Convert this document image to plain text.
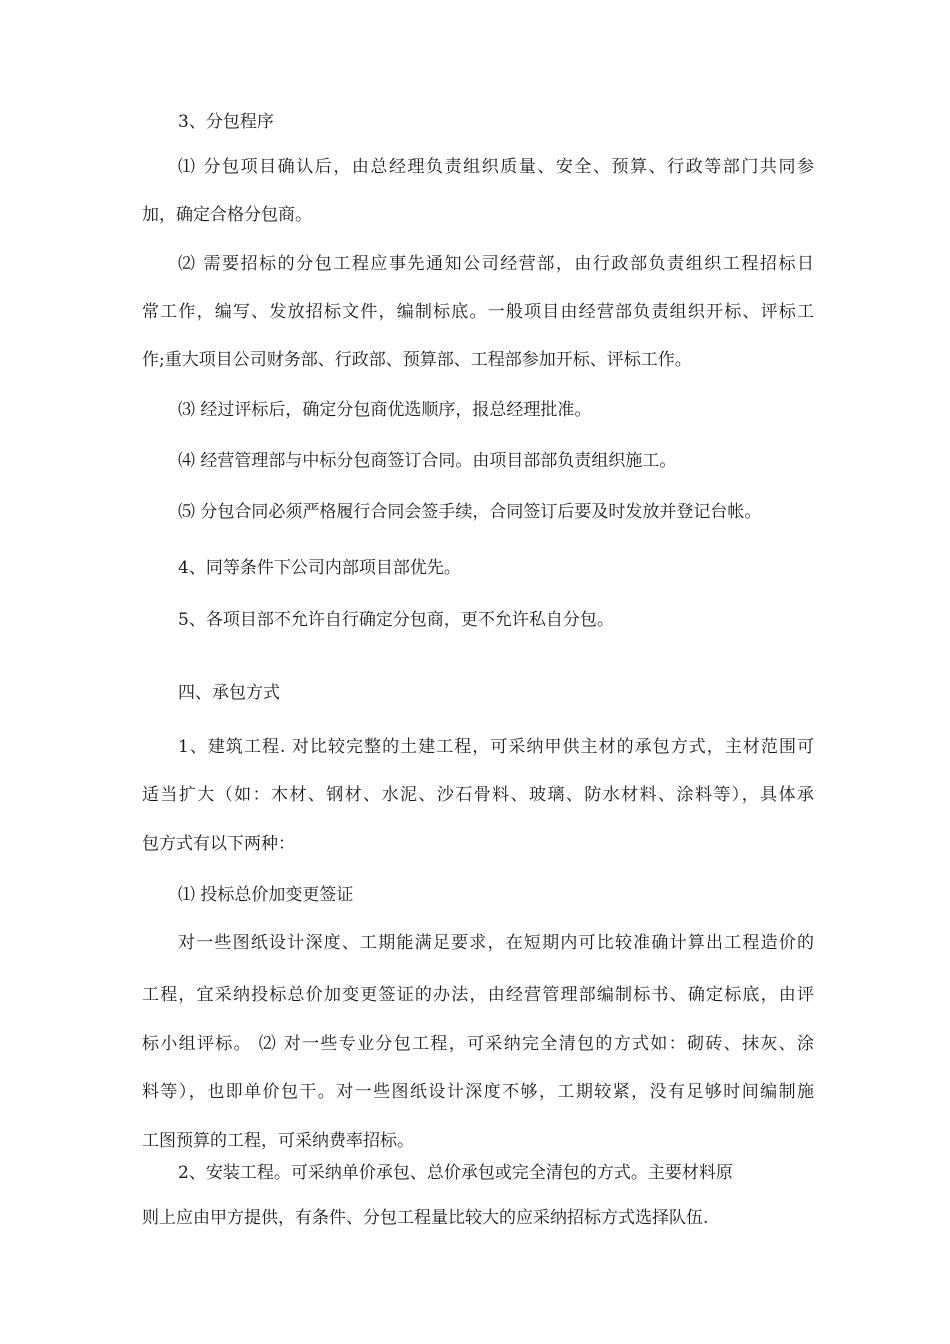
3、分包程序

⑴ 分包项目确认后，由总经理负责组织质量、安全、预算、行政等部门共同参

加，确定合格分包商。

⑵ 需要招标的分包工程应事先通知公司经营部，由行政部负责组织工程招标日

常工作，编写、发放招标文件，编制标底。一般项目由经营部负责组织开标、评标工

作;重大项目公司财务部、行政部、预算部、工程部参加开标、评标工作。

⑶ 经过评标后，确定分包商优选顺序，报总经理批准。

⑷ 经营管理部与中标分包商签订合同。由项目部部负责组织施工。

⑸ 分包合同必须严格履行合同会签手续，合同签订后要及时发放并登记台帐。

4、同等条件下公司内部项目部优先。

5、各项目部不允许自行确定分包商，更不允许私自分包。

四、承包方式

1、建筑工程. 对比较完整的土建工程，可采纳甲供主材的承包方式，主材范围可

适当扩大（如：木材、钢材、水泥、沙石骨料、玻璃、防水材料、涂料等），具体承

包方式有以下两种：

⑴ 投标总价加变更签证

对一些图纸设计深度、工期能满足要求，在短期内可比较准确计算出工程造价的

工程，宜采纳投标总价加变更签证的办法，由经营管理部编制标书、确定标底，由评

标小组评标。 ⑵ 对一些专业分包工程，可采纳完全清包的方式如：砌砖、抹灰、涂

料等），也即单价包干。对一些图纸设计深度不够，工期较紧，没有足够时间编制施

工图预算的工程，可采纳费率招标。

2、安装工程。可采纳单价承包、总价承包或完全清包的方式。主要材料原

则上应由甲方提供，有条件、分包工程量比较大的应采纳招标方式选择队伍.
